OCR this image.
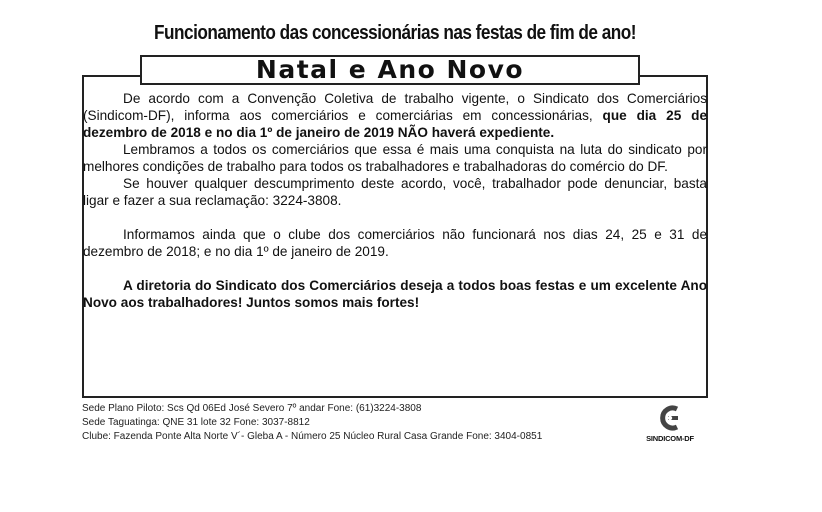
Funcionamento das concessionárias nas festas de fim de ano!
Natal e Ano Novo

De acordo com a Convenção Coletiva de trabalho vigente, o Sindicato dos Comerciários (Sindicom-DF), informa aos comerciários e comerciárias em concessionárias, que dia 25 de dezembro de 2018 e no dia 1º de janeiro de 2019 NÃO haverá expediente.

Lembramos a todos os comerciários que essa é mais uma conquista na luta do sindicato por melhores condições de trabalho para todos os trabalhadores e trabalhadoras do comércio do DF.

Se houver qualquer descumprimento deste acordo, você, trabalhador pode denunciar, basta ligar e fazer a sua reclamação: 3224-3808.

Informamos ainda que o clube dos comerciários não funcionará nos dias 24, 25 e 31 de dezembro de 2018; e no dia 1º de janeiro de 2019.

A diretoria do Sindicato dos Comerciários deseja a todos boas festas e um excelente Ano Novo aos trabalhadores! Juntos somos mais fortes!

Sede Plano Piloto: Scs Qd 06Ed José Severo 7º andar Fone: (61)3224-3808
Sede Taguatinga: QNE 31 lote 32 Fone: 3037-8812
Clube: Fazenda Ponte Alta Norte V´- Gleba A - Número 25 Núcleo Rural Casa Grande Fone: 3404-0851	SINDICOM-DF
